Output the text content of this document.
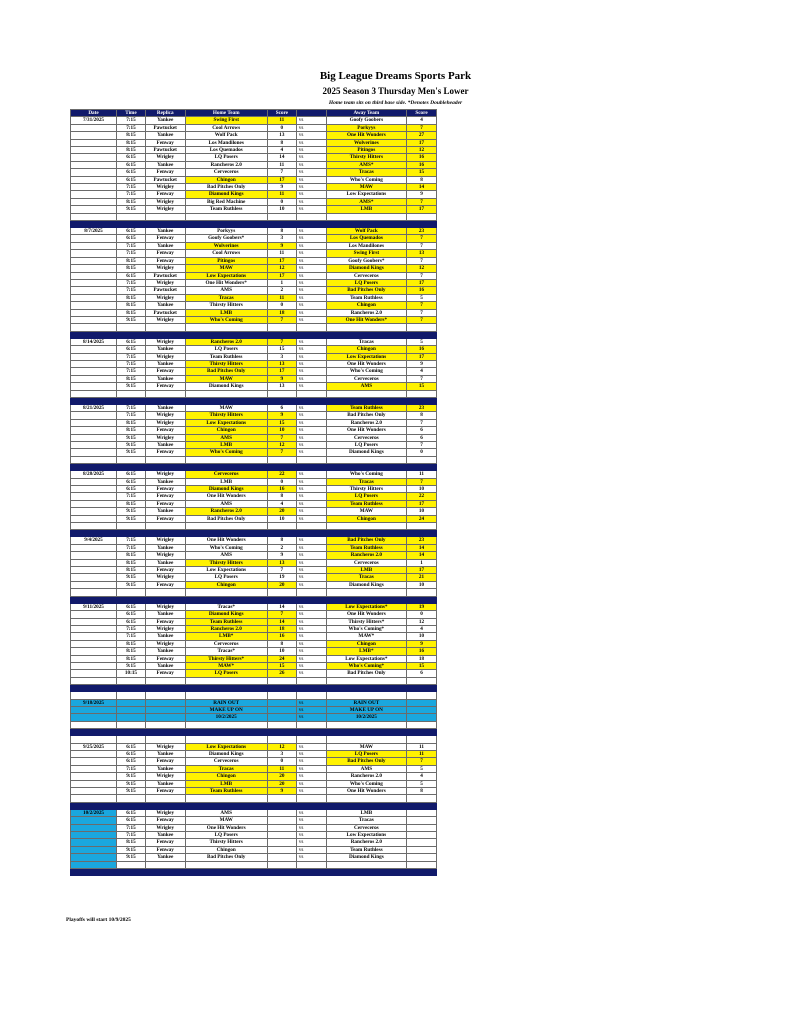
Big League Dreams Sports Park
2025 Season 3 Thursday Men's Lower
Home team sits on third base side. *Denotes Doubleheader
Date	Time	Replica	Home Team	Score		Away Team	Score
7/31/2025	7:15	Yankee	Swing First	11	vs	Goofy Goobers	4
	7:15	Pawtucket	Cool Arrows	0	vs	Porkyys	7
	8:15	Yankee	Wolf Pack	13	vs	One Hit Wonders	27
	8:15	Fenway	Los Mandilones	8	vs	Wolverines	17
	8:15	Pawtucket	Los Quemados	4	vs	Pitingos	12
	6:15	Wrigley	LQ Posers	14	vs	Thirsty Hitters	16
	6:15	Yankee	Rancheros 2.0	11	vs	AMS*	16
	6:15	Fenway	Cerveceros	7	vs	Tracas	15
	6:15	Pawtucket	Chingon	17	vs	Who's Coming	8
	7:15	Wrigley	Bad Pitches Only	9	vs	MAW	14
	7:15	Fenway	Diamond Kings	11	vs	Low Expectations	9
	8:15	Wrigley	Big Red Machine	0	vs	AMS*	7
	9:15	Wrigley	Team Ruthless	10	vs	LMB	17

8/7/2025	6:15	Yankee	Porkyys	8	vs	Wolf Pack	23
	6:15	Fenway	Goofy Goobers*	3	vs	Los Quemados	7
	7:15	Yankee	Wolverines	9	vs	Los Mandilones	7
	7:15	Fenway	Cool Arrows	11	vs	Swing First	13
	8:15	Fenway	Pitingos	17	vs	Goofy Goobers*	7
	8:15	Wrigley	MAW	12	vs	Diamond Kings	12
	6:15	Pawtucket	Low Expectations	17	vs	Cerveceros	7
	7:15	Wrigley	One Hit Wonders*	1	vs	LQ Posers	17
	7:15	Pawtucket	AMS	2	vs	Bad Pitches Only	16
	8:15	Wrigley	Tracas	11	vs	Team Ruthless	5
	8:15	Yankee	Thirsty Hitters	0	vs	Chingon	7
	8:15	Pawtucket	LMB	18	vs	Rancheros 2.0	7
	9:15	Wrigley	Who's Coming	7	vs	One Hit Wonders*	7

8/14/2025	6:15	Wrigley	Rancheros 2.0	7	vs	Tracas	5
	6:15	Yankee	LQ Posers	15	vs	Chingon	16
	7:15	Wrigley	Team Ruthless	3	vs	Low Expectations	17
	7:15	Yankee	Thirsty Hitters	13	vs	One Hit Wonders	9
	7:15	Fenway	Bad Pitches Only	17	vs	Who's Coming	4
	8:15	Yankee	MAW	9	vs	Cerveceros	7
	9:15	Fenway	Diamond Kings	13	vs	AMS	15

8/21/2025	7:15	Yankee	MAW	6	vs	Team Ruthless	23
	7:15	Wrigley	Thirsty Hitters	9	vs	Bad Pitches Only	8
	8:15	Wrigley	Low Expectations	15	vs	Rancheros 2.0	7
	8:15	Fenway	Chingon	10	vs	One Hit Wonders	6
	9:15	Wrigley	AMS	7	vs	Cerveceros	6
	9:15	Yankee	LMB	12	vs	LQ Posers	7
	9:15	Fenway	Who's Coming	7	vs	Diamond Kings	0

8/28/2025	6:15	Wrigley	Cerveceros	22	vs	Who's Coming	11
	6:15	Yankee	LMB	0	vs	Tracas	7
	6:15	Fenway	Diamond Kings	16	vs	Thirsty Hitters	10
	7:15	Fenway	One Hit Wonders	8	vs	LQ Posers	22
	8:15	Fenway	AMS	4	vs	Team Ruthless	17
	9:15	Yankee	Rancheros 2.0	20	vs	MAW	10
	9:15	Fenway	Bad Pitches Only	10	vs	Chingon	24

9/4/2025	7:15	Wrigley	One Hit Wonders	8	vs	Bad Pitches Only	23
	7:15	Yankee	Who's Coming	2	vs	Team Ruthless	14
	8:15	Wrigley	AMS	9	vs	Rancheros 2.0	14
	8:15	Yankee	Thirsty Hitters	13	vs	Cerveceros	1
	8:15	Fenway	Low Expectations	7	vs	LMB	17
	9:15	Wrigley	LQ Posers	19	vs	Tracas	21
	9:15	Fenway	Chingon	20	vs	Diamond Kings	10

9/11/2025	6:15	Wrigley	Tracas*	14	vs	Low Expectations*	19
	6:15	Yankee	Diamond Kings	7	vs	One Hit Wonders	0
	6:15	Fenway	Team Ruthless	14	vs	Thirsty Hitters*	12
	7:15	Wrigley	Rancheros 2.0	18	vs	Who's Coming*	4
	7:15	Yankee	LMB*	16	vs	MAW*	10
	8:15	Wrigley	Cerveceros	8	vs	Chingon	9
	8:15	Yankee	Tracas*	10	vs	LMB*	16
	8:15	Fenway	Thirsty Hitters*	24	vs	Low Expectations*	18
	9:15	Yankee	MAW*	15	vs	Who's Coming*	15
	10:15	Fenway	LQ Posers	26	vs	Bad Pitches Only	6

9/18/2025			RAIN OUT		vs	RAIN OUT	
			MAKE UP ON		vs	MAKE UP ON	
			10/2/2025		vs	10/2/2025	

9/25/2025	6:15	Wrigley	Low Expectations	12	vs	MAW	11
	6:15	Yankee	Diamond Kings	3	vs	LQ Posers	11
	6:15	Fenway	Cerveceros	0	vs	Bad Pitches Only	7
	7:15	Yankee	Tracas	11	vs	AMS	5
	9:15	Wrigley	Chingon	20	vs	Rancheros 2.0	4
	9:15	Yankee	LMB	20	vs	Who's Coming	5
	9:15	Fenway	Team Ruthless	9	vs	One Hit Wonders	8

10/2/2025	6:15	Wrigley	AMS		vs	LMB	
	6:15	Fenway	MAW		vs	Tracas	
	7:15	Wrigley	One Hit Wonders		vs	Cerveceros	
	7:15	Yankee	LQ Posers		vs	Low Expectations	
	8:15	Fenway	Thirsty Hitters		vs	Rancheros 2.0	
	9:15	Fenway	Chingon		vs	Team Ruthless	
	9:15	Yankee	Bad Pitches Only		vs	Diamond Kings	

Playoffs will start 10/9/2025
